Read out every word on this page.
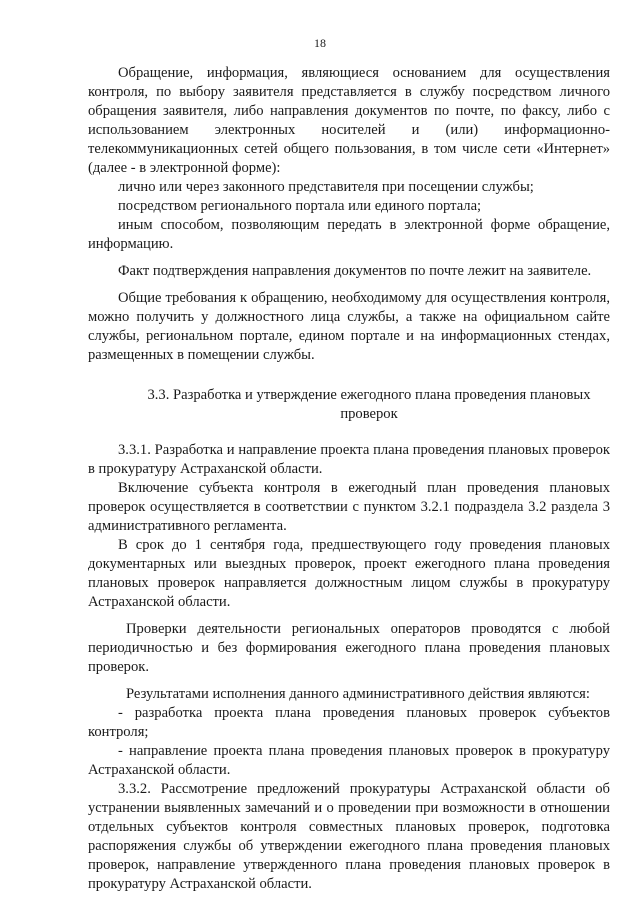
18

Обращение, информация, являющиеся основанием для осуществления контроля, по выбору заявителя представляется в службу посредством личного обращения заявителя, либо направления документов по почте, по факсу, либо с использованием электронных носителей и (или) информационно-телекоммуникационных сетей общего пользования, в том числе сети «Интернет» (далее - в электронной форме):

лично или через законного представителя при посещении службы;

посредством регионального портала или единого портала;

иным способом, позволяющим передать в электронной форме обращение, информацию.

Факт подтверждения направления документов по почте лежит на заявителе.

Общие требования к обращению, необходимому для осуществления контроля, можно получить у должностного лица службы, а также на официальном сайте службы, региональном портале, едином портале и на информационных стендах, размещенных в помещении службы.

3.3. Разработка и утверждение ежегодного плана проведения плановых проверок

3.3.1. Разработка и направление проекта плана проведения плановых проверок в прокуратуру Астраханской области.

Включение субъекта контроля в ежегодный план проведения плановых проверок осуществляется в соответствии с пунктом 3.2.1 подраздела 3.2 раздела 3 административного регламента.

В срок до 1 сентября года, предшествующего году проведения плановых документарных или выездных проверок, проект ежегодного плана проведения плановых проверок направляется должностным лицом службы в прокуратуру Астраханской области.

Проверки деятельности региональных операторов проводятся с любой периодичностью и без формирования ежегодного плана проведения плановых проверок.

Результатами исполнения данного административного действия являются:

- разработка проекта плана проведения плановых проверок субъектов контроля;

- направление проекта плана проведения плановых проверок в прокуратуру Астраханской области.

3.3.2. Рассмотрение предложений прокуратуры Астраханской области об устранении выявленных замечаний и о проведении при возможности в отношении отдельных субъектов контроля совместных плановых проверок, подготовка распоряжения службы об утверждении ежегодного плана проведения плановых проверок, направление утвержденного плана проведения плановых проверок в прокуратуру Астраханской области.
